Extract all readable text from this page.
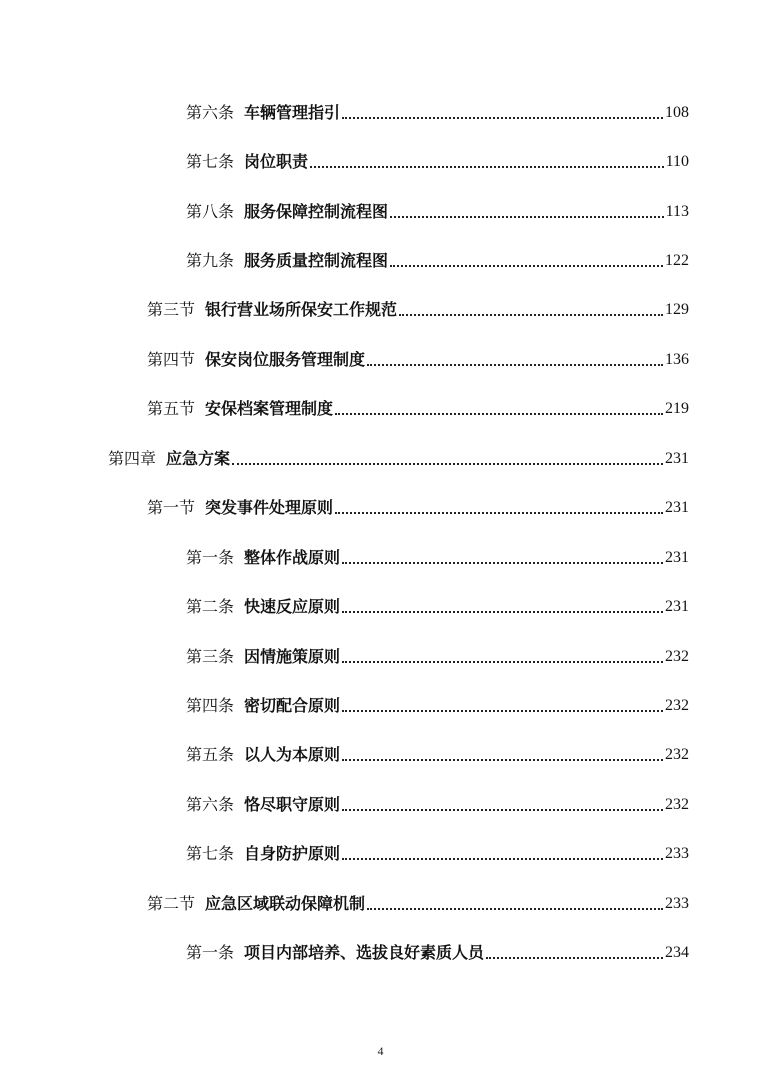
第六条 车辆管理指引	108
第七条 岗位职责	110
第八条 服务保障控制流程图	113
第九条 服务质量控制流程图	122
第三节 银行营业场所保安工作规范	129
第四节 保安岗位服务管理制度	136
第五节 安保档案管理制度	219
第四章 应急方案	231
第一节 突发事件处理原则	231
第一条 整体作战原则	231
第二条 快速反应原则	231
第三条 因情施策原则	232
第四条 密切配合原则	232
第五条 以人为本原则	232
第六条 恪尽职守原则	232
第七条 自身防护原则	233
第二节 应急区域联动保障机制	233
第一条 项目内部培养、选拔良好素质人员	234
4
